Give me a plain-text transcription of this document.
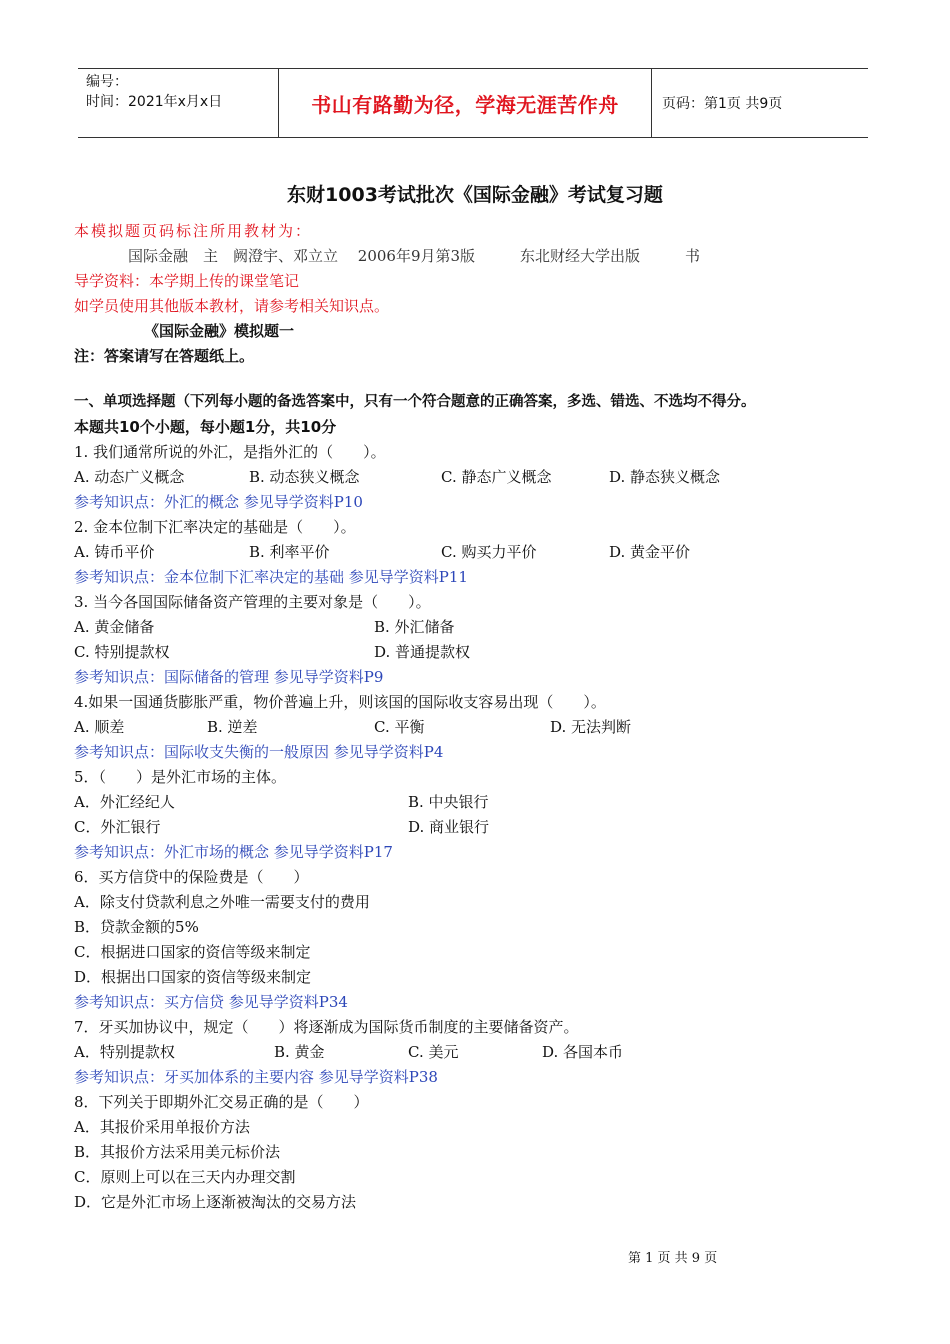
编号：
时间：2021年x月x日	书山有路勤为径，学海无涯苦作舟	页码：第1页 共9页
东财1003考试批次《国际金融》考试复习题
本模拟题页码标注所用教材为：
国际金融　主　阙澄宇、邓立立　 2006年9月第3版　　　东北财经大学出版　　　书
导学资料：本学期上传的课堂笔记
如学员使用其他版本教材，请参考相关知识点。
《国际金融》模拟题一
注：答案请写在答题纸上。
一、单项选择题（下列每小题的备选答案中，只有一个符合题意的正确答案，多选、错选、不选均不得分。
本题共10个小题，每小题1分，共10分
1. 我们通常所说的外汇，是指外汇的（　　）。
A. 动态广义概念	B. 动态狭义概念	C. 静态广义概念	D. 静态狭义概念
参考知识点：外汇的概念 参见导学资料P10
2. 金本位制下汇率决定的基础是（　　）。
A. 铸币平价	B. 利率平价	C. 购买力平价	D. 黄金平价
参考知识点：金本位制下汇率决定的基础 参见导学资料P11
3. 当今各国国际储备资产管理的主要对象是（　　）。
A. 黄金储备	B. 外汇储备
C. 特别提款权	D. 普通提款权
参考知识点：国际储备的管理 参见导学资料P9
4.如果一国通货膨胀严重，物价普遍上升，则该国的国际收支容易出现（　　）。
A. 顺差	B. 逆差	C. 平衡	D. 无法判断
参考知识点：国际收支失衡的一般原因 参见导学资料P4
5．（　　）是外汇市场的主体。
A．外汇经纪人	B. 中央银行
C．外汇银行	D. 商业银行
参考知识点：外汇市场的概念 参见导学资料P17
6．买方信贷中的保险费是（　　）
A．除支付贷款利息之外唯一需要支付的费用
B．贷款金额的5%
C．根据进口国家的资信等级来制定
D．根据出口国家的资信等级来制定
参考知识点：买方信贷 参见导学资料P34
7．牙买加协议中，规定（　　）将逐渐成为国际货币制度的主要储备资产。
A．特别提款权	B. 黄金	C. 美元	D. 各国本币
参考知识点：牙买加体系的主要内容 参见导学资料P38
8．下列关于即期外汇交易正确的是（　　）
A．其报价采用单报价方法
B．其报价方法采用美元标价法
C．原则上可以在三天内办理交割
D．它是外汇市场上逐渐被淘汰的交易方法
第 1 页 共 9 页
